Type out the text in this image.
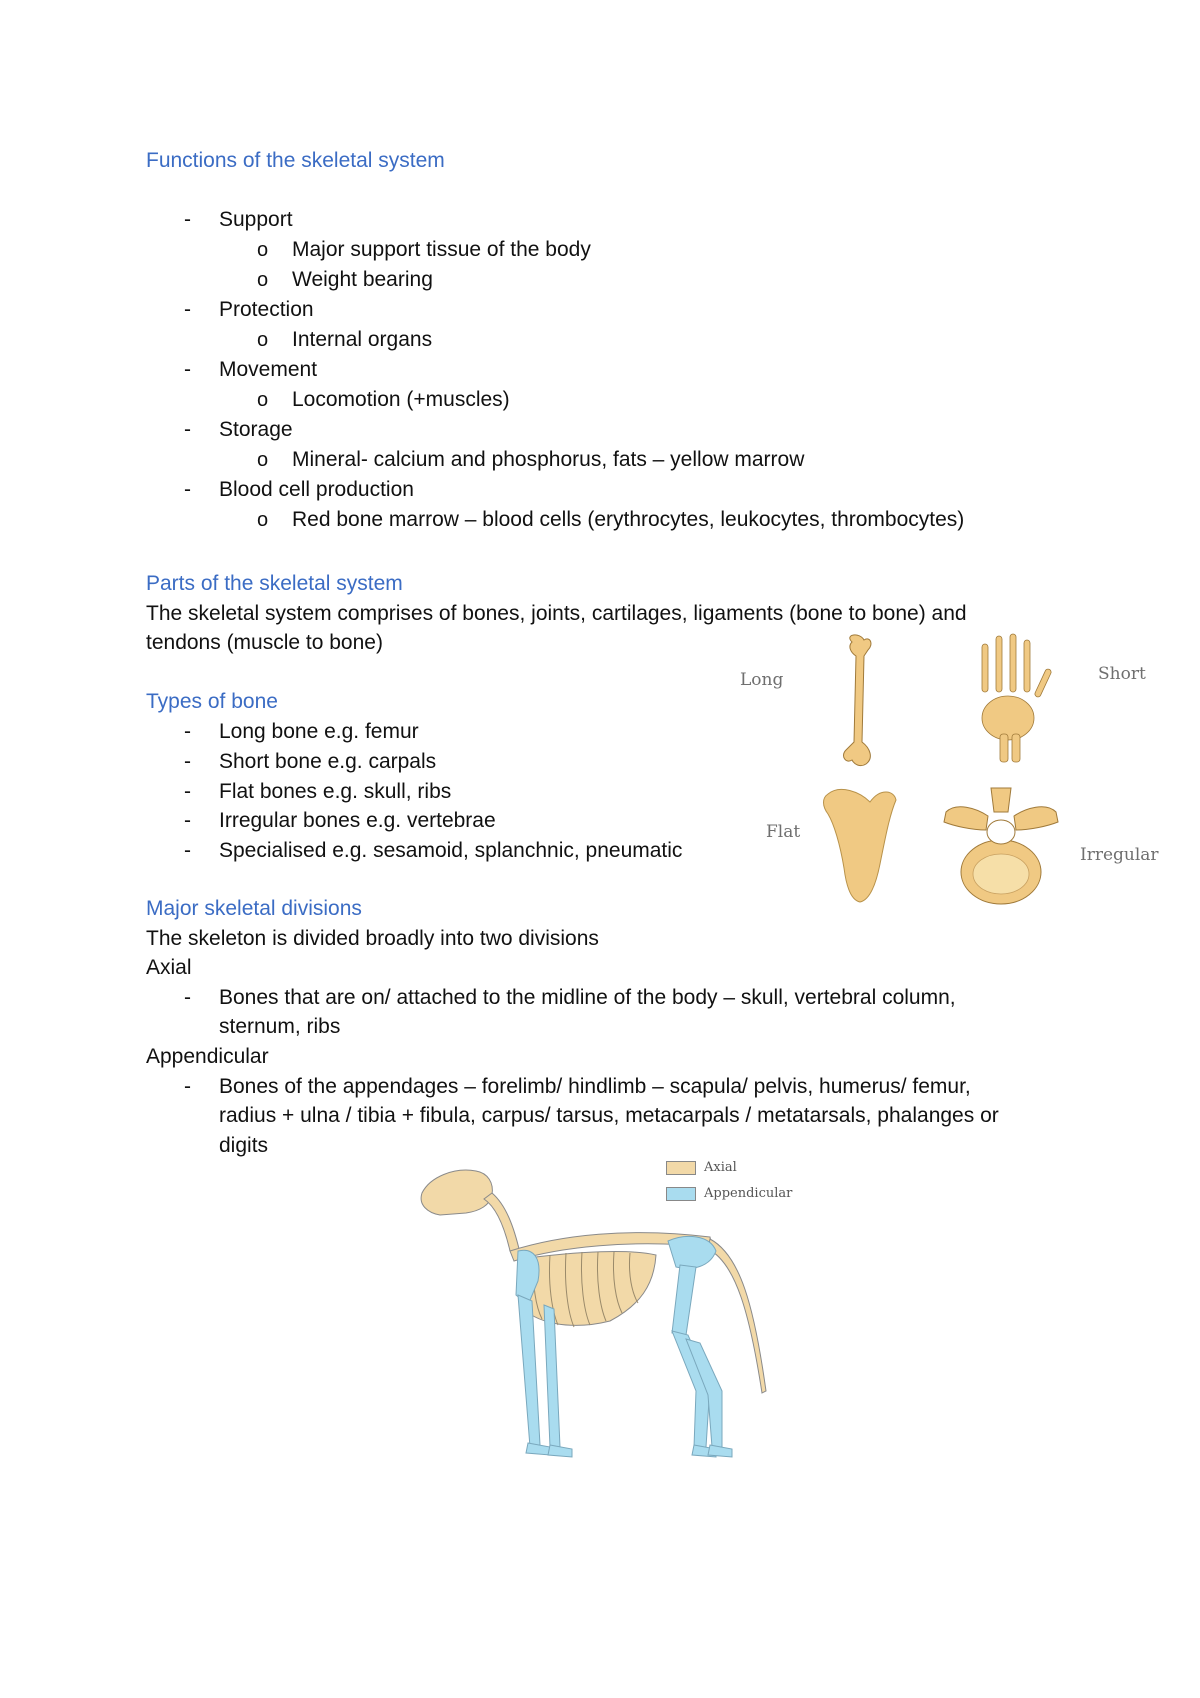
Functions of the skeletal system
- Support
o Major support tissue of the body
o Weight bearing
- Protection
o Internal organs
- Movement
o Locomotion (+muscles)
- Storage
o Mineral- calcium and phosphorus, fats – yellow marrow
- Blood cell production
o Red bone marrow – blood cells (erythrocytes, leukocytes, thrombocytes)
Parts of the skeletal system
The skeletal system comprises of bones, joints, cartilages, ligaments (bone to bone) and
tendons (muscle to bone)
Types of bone
- Long bone e.g. femur
- Short bone e.g. carpals
- Flat bones e.g. skull, ribs
- Irregular bones e.g. vertebrae
- Specialised e.g. sesamoid, splanchnic, pneumatic
Long	Short
Flat
Irregular
Major skeletal divisions
The skeleton is divided broadly into two divisions
Axial
- Bones that are on/ attached to the midline of the body – skull, vertebral column,
sternum, ribs
Appendicular
- Bones of the appendages – forelimb/ hindlimb – scapula/ pelvis, humerus/ femur,
radius + ulna / tibia + fibula, carpus/ tarsus, metacarpals / metatarsals, phalanges or
digits
Axial
Appendicular
